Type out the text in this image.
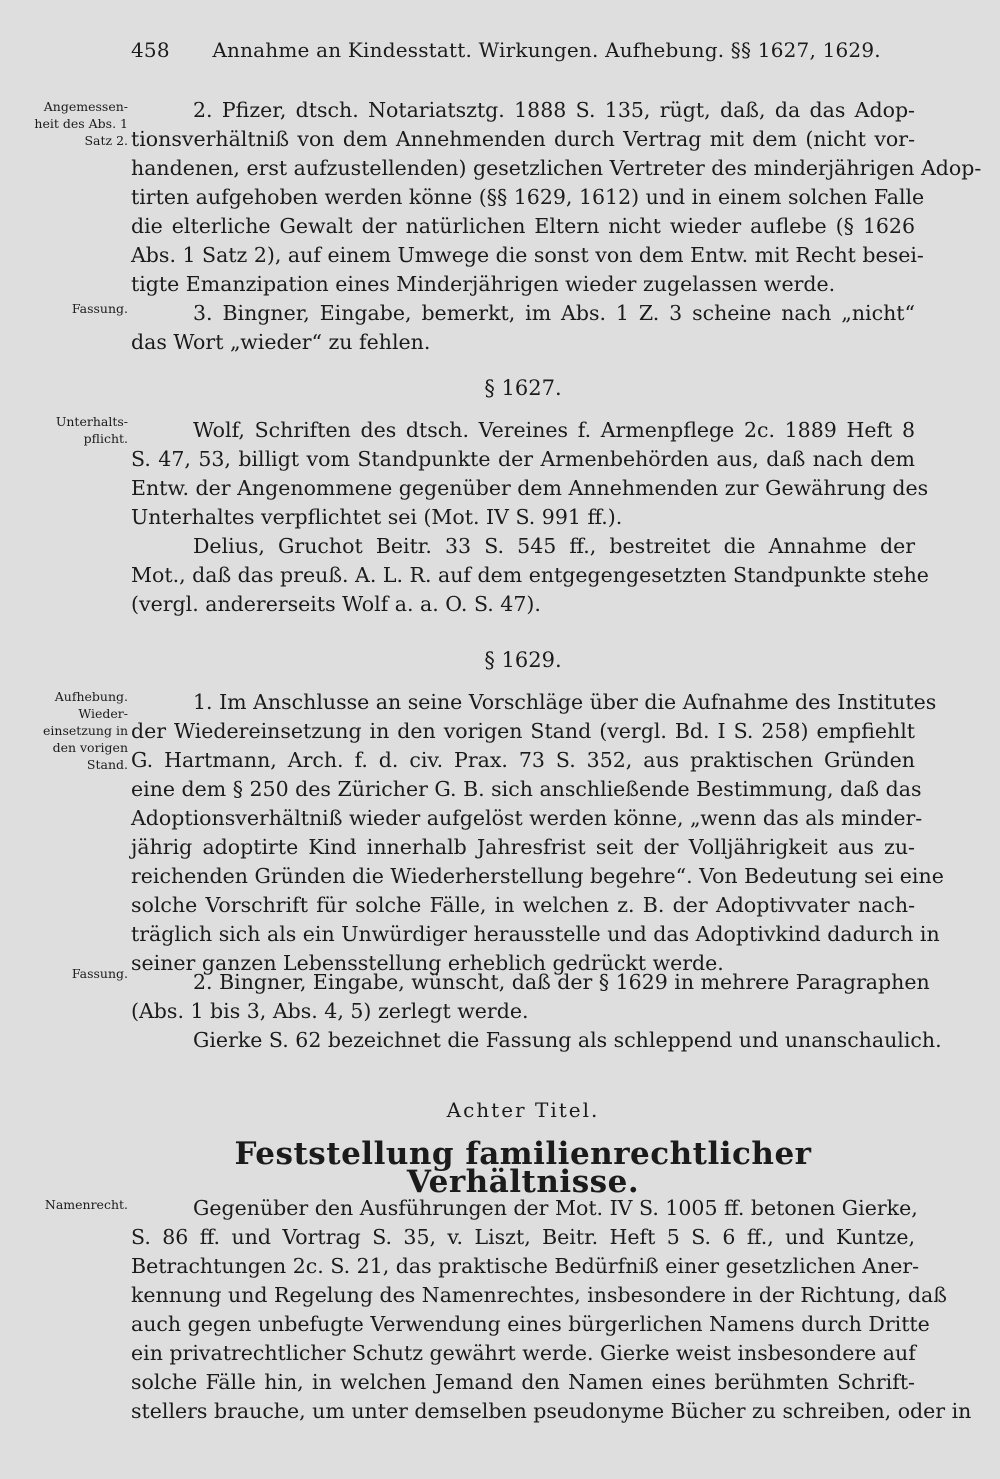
458 Annahme an Kindesstatt. Wirkungen. Aufhebung. §§ 1627, 1629.
Angemessen-
heit des Abs. 1
Satz 2.
Fassung.
Unterhalts-
pflicht.
Aufhebung.
Wieder-
einsetzung in
den vorigen
Stand.
Fassung.
Namenrecht.
2. Pfizer, dtsch. Notariatsztg. 1888 S. 135, rügt, daß, da das Adop-
tionsverhältniß von dem Annehmenden durch Vertrag mit dem (nicht vor-
handenen, erst aufzustellenden) gesetzlichen Vertreter des minderjährigen Adop-
tirten aufgehoben werden könne (§§ 1629, 1612) und in einem solchen Falle
die elterliche Gewalt der natürlichen Eltern nicht wieder auflebe (§ 1626
Abs. 1 Satz 2), auf einem Umwege die sonst von dem Entw. mit Recht besei-
tigte Emanzipation eines Minderjährigen wieder zugelassen werde.
3. Bingner, Eingabe, bemerkt, im Abs. 1 Z. 3 scheine nach „nicht“
das Wort „wieder“ zu fehlen.
§ 1627.
Wolf, Schriften des dtsch. Vereines f. Armenpflege 2c. 1889 Heft 8
S. 47, 53, billigt vom Standpunkte der Armenbehörden aus, daß nach dem
Entw. der Angenommene gegenüber dem Annehmenden zur Gewährung des
Unterhaltes verpflichtet sei (Mot. IV S. 991 ff.).
Delius, Gruchot Beitr. 33 S. 545 ff., bestreitet die Annahme der
Mot., daß das preuß. A. L. R. auf dem entgegengesetzten Standpunkte stehe
(vergl. andererseits Wolf a. a. O. S. 47).
§ 1629.
1. Im Anschlusse an seine Vorschläge über die Aufnahme des Institutes
der Wiedereinsetzung in den vorigen Stand (vergl. Bd. I S. 258) empfiehlt
G. Hartmann, Arch. f. d. civ. Prax. 73 S. 352, aus praktischen Gründen
eine dem § 250 des Züricher G. B. sich anschließende Bestimmung, daß das
Adoptionsverhältniß wieder aufgelöst werden könne, „wenn das als minder-
jährig adoptirte Kind innerhalb Jahresfrist seit der Volljährigkeit aus zu-
reichenden Gründen die Wiederherstellung begehre“. Von Bedeutung sei eine
solche Vorschrift für solche Fälle, in welchen z. B. der Adoptivvater nach-
träglich sich als ein Unwürdiger herausstelle und das Adoptivkind dadurch in
seiner ganzen Lebensstellung erheblich gedrückt werde.
2. Bingner, Eingabe, wünscht, daß der § 1629 in mehrere Paragraphen
(Abs. 1 bis 3, Abs. 4, 5) zerlegt werde.
Gierke S. 62 bezeichnet die Fassung als schleppend und unanschaulich.
Achter Titel.
Feststellung familienrechtlicher Verhältnisse.
Gegenüber den Ausführungen der Mot. IV S. 1005 ff. betonen Gierke,
S. 86 ff. und Vortrag S. 35, v. Liszt, Beitr. Heft 5 S. 6 ff., und Kuntze,
Betrachtungen 2c. S. 21, das praktische Bedürfniß einer gesetzlichen Aner-
kennung und Regelung des Namenrechtes, insbesondere in der Richtung, daß
auch gegen unbefugte Verwendung eines bürgerlichen Namens durch Dritte
ein privatrechtlicher Schutz gewährt werde. Gierke weist insbesondere auf
solche Fälle hin, in welchen Jemand den Namen eines berühmten Schrift-
stellers brauche, um unter demselben pseudonyme Bücher zu schreiben, oder in
